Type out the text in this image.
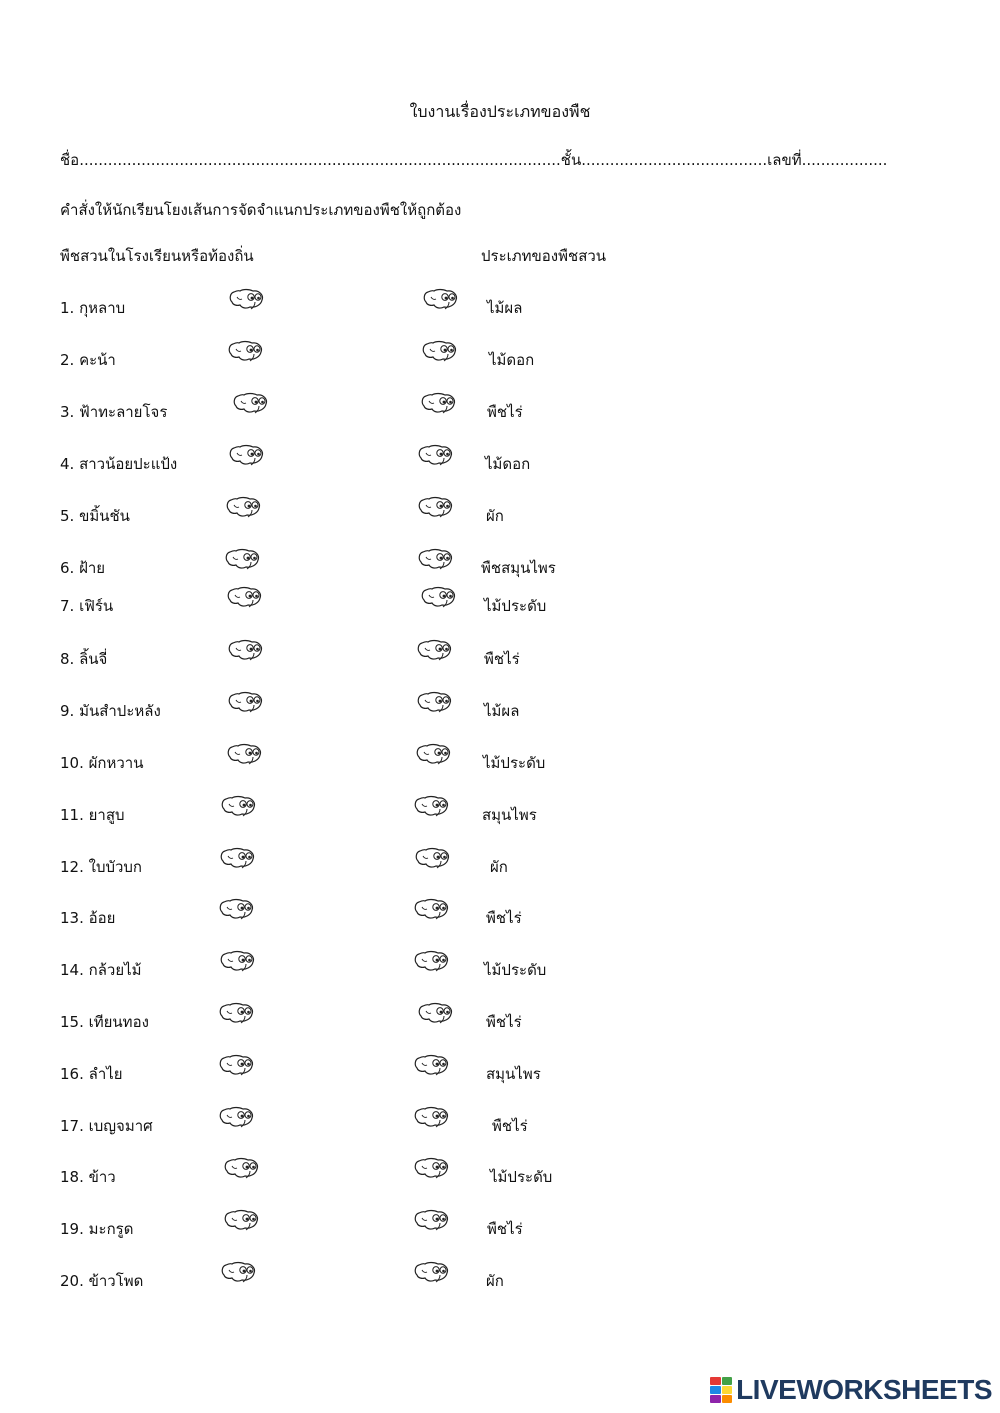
ใบงานเรื่องประเภทของพืช
ชื่อ.....................................................................................................ชั้น.......................................เลขที่..................
คำสั่งให้นักเรียนโยงเส้นการจัดจำแนกประเภทของพืชให้ถูกต้อง
พืชสวนในโรงเรียนหรือท้องถิ่น	ประเภทของพืชสวน
1. กุหลาบ	ไม้ผล
2. คะน้า	ไม้ดอก
3. ฟ้าทะลายโจร	พืชไร่
4. สาวน้อยปะแป้ง	ไม้ดอก
5. ขมิ้นชัน	ผัก
6. ฝ้าย	พืชสมุนไพร
7. เฟิร์น	ไม้ประดับ
8. ลิ้นจี่	พืชไร่
9. มันสำปะหลัง	ไม้ผล
10. ผักหวาน	ไม้ประดับ
11. ยาสูบ	สมุนไพร
12. ใบบัวบก	ผัก
13. อ้อย	พืชไร่
14. กล้วยไม้	ไม้ประดับ
15. เทียนทอง	พืชไร่
16. ลำไย	สมุนไพร
17. เบญจมาศ	พืชไร่
18. ข้าว	ไม้ประดับ
19. มะกรูด	พืชไร่
20. ข้าวโพด	ผัก
LIVEWORKSHEETS
